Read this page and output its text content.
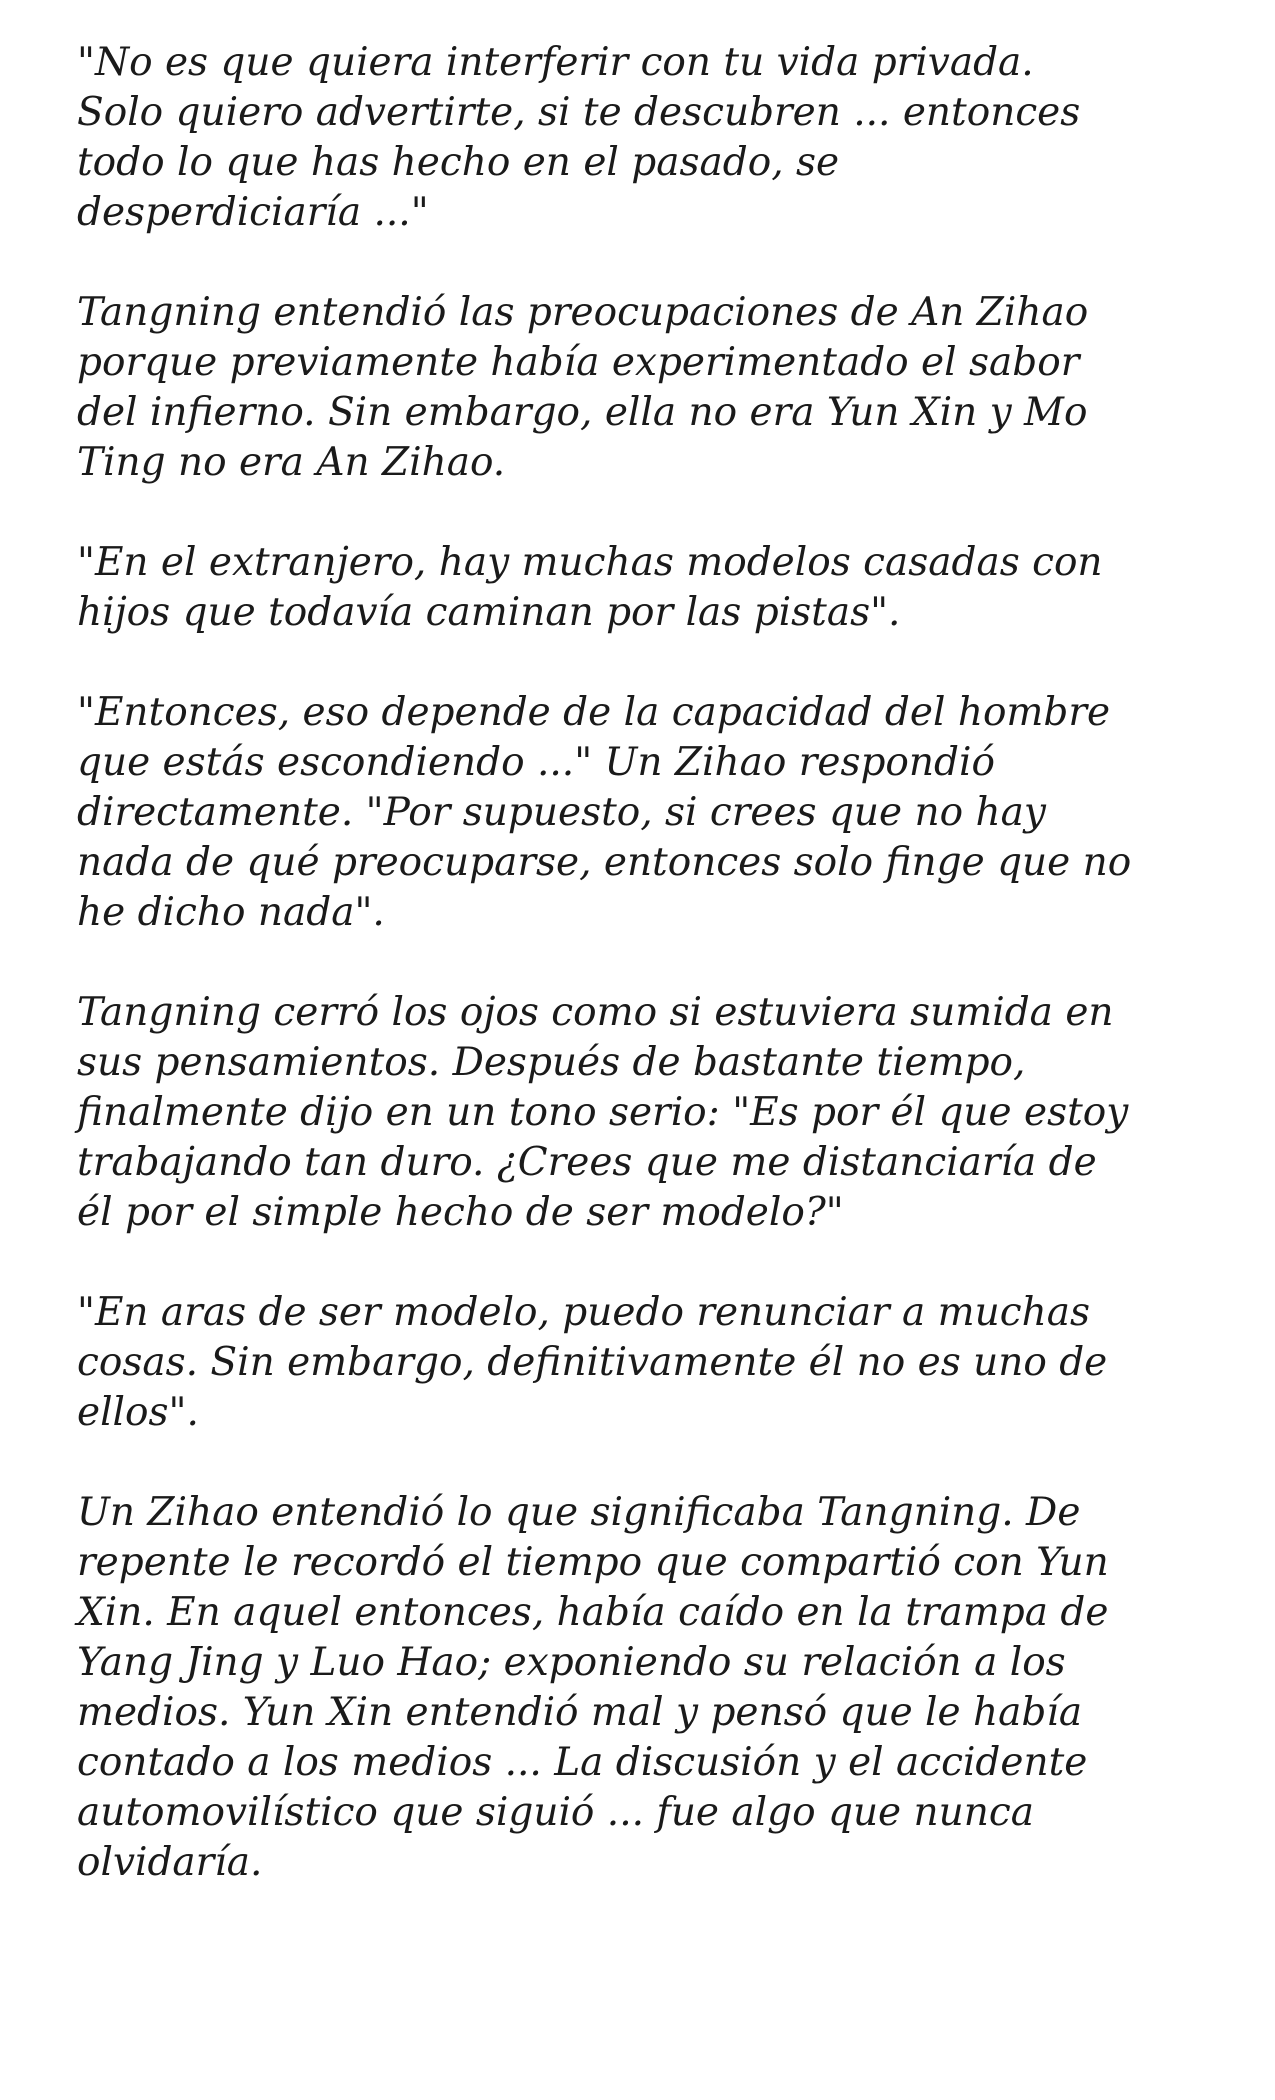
"No es que quiera interferir con tu vida privada.
Solo quiero advertirte, si te descubren ... entonces
todo lo que has hecho en el pasado, se
desperdiciaría ..."

Tangning entendió las preocupaciones de An Zihao
porque previamente había experimentado el sabor
del infierno. Sin embargo, ella no era Yun Xin y Mo
Ting no era An Zihao.

"En el extranjero, hay muchas modelos casadas con
hijos que todavía caminan por las pistas".

"Entonces, eso depende de la capacidad del hombre
que estás escondiendo ..." Un Zihao respondió
directamente. "Por supuesto, si crees que no hay
nada de qué preocuparse, entonces solo finge que no
he dicho nada".

Tangning cerró los ojos como si estuviera sumida en
sus pensamientos. Después de bastante tiempo,
finalmente dijo en un tono serio: "Es por él que estoy
trabajando tan duro. ¿Crees que me distanciaría de
él por el simple hecho de ser modelo?"

"En aras de ser modelo, puedo renunciar a muchas
cosas. Sin embargo, definitivamente él no es uno de
ellos".

Un Zihao entendió lo que significaba Tangning. De
repente le recordó el tiempo que compartió con Yun
Xin. En aquel entonces, había caído en la trampa de
Yang Jing y Luo Hao; exponiendo su relación a los
medios. Yun Xin entendió mal y pensó que le había
contado a los medios ... La discusión y el accidente
automovilístico que siguió ... fue algo que nunca
olvidaría.
